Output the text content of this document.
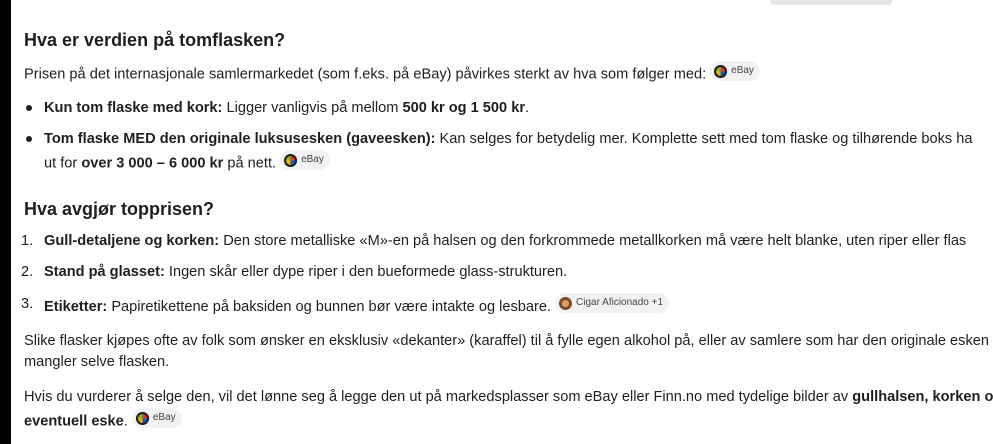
Hva er verdien på tomflasken?
Prisen på det internasjonale samlermarkedet (som f.eks. på eBay) påvirkes sterkt av hva som følger med:	eBay
Kun tom flaske med kork: Ligger vanligvis på mellom 500 kr og 1 500 kr.
Tom flaske MED den originale luksusesken (gaveesken): Kan selges for betydelig mer. Komplette sett med tom flaske og tilhørende boks ha
ut for over 3 000 – 6 000 kr på nett.	eBay
Hva avgjør topprisen?
1. Gull-detaljene og korken: Den store metalliske «M»-en på halsen og den forkrommede metallkorken må være helt blanke, uten riper eller flas
2. Stand på glasset: Ingen skår eller dype riper i den bueformede glass-strukturen.
3. Etiketter: Papiretikettene på baksiden og bunnen bør være intakte og lesbare.	Cigar Aficionado +1
Slike flasker kjøpes ofte av folk som ønsker en eksklusiv «dekanter» (karaffel) til å fylle egen alkohol på, eller av samlere som har den originale esken
mangler selve flasken.
Hvis du vurderer å selge den, vil det lønne seg å legge den ut på markedsplasser som eBay eller Finn.no med tydelige bilder av gullhalsen, korken o
eventuell eske.	eBay
